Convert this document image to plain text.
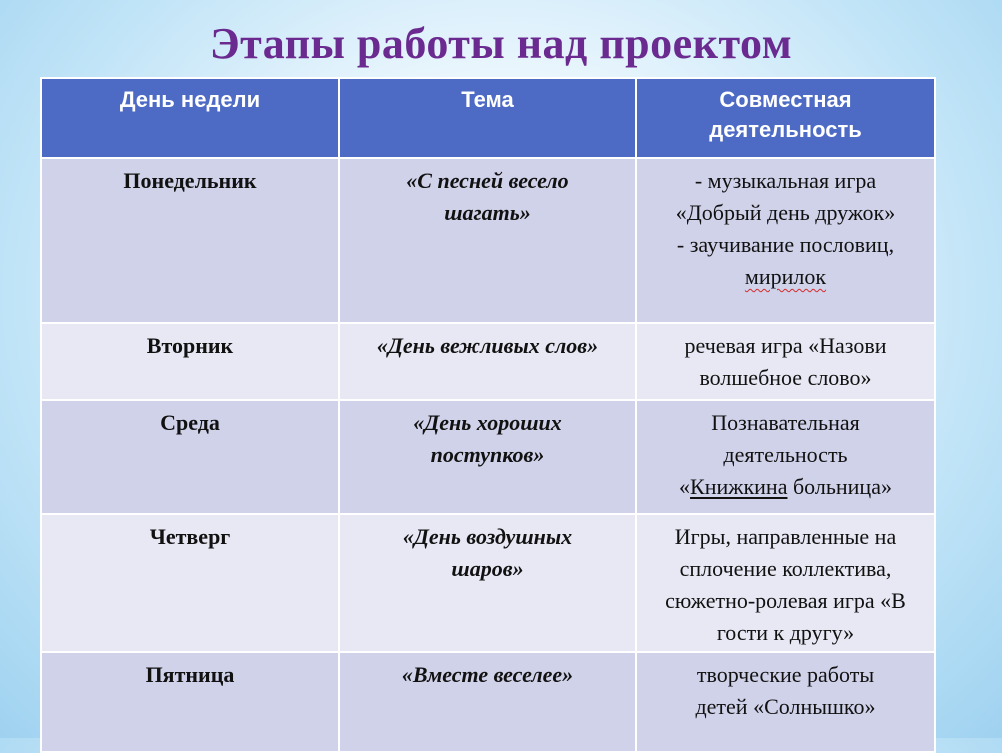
Этапы работы над проектом
День недели	Тема	Совместная деятельность
Понедельник	«С песней весело шагать»	- музыкальная игра
«Добрый день дружок»
- заучивание пословиц,
мирилок

Вторник	«День вежливых слов»	речевая игра «Назови волшебное слово»
Среда	«День хороших поступков»	Познавательная деятельность
«Книжкина больница»

Четверг	«День воздушных шаров»	Игры, направленные на сплочение коллектива, сюжетно-ролевая игра «В гости к другу»
Пятница	«Вместе веселее»	творческие работы детей «Солнышко»
